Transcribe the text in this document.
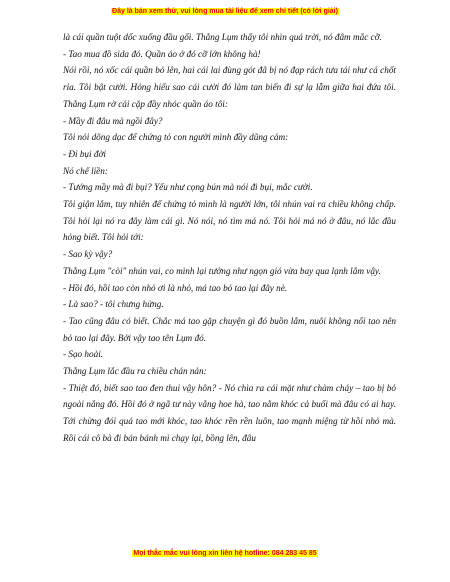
Đây là bản xem thử, vui lòng mua tài liệu để xem chi tiết (có lời giải)

là cái quần tuột dốc xuống đầu gối. Thằng Lụm thấy tôi nhìn quá trời, nó đâm mắc cỡ.

- Tao mua đồ sida đó. Quần áo ở đó cỡ lớn không hà!

Nói rồi, nó xốc cái quần bỏ lên, hai cái lai đùng gót đã bị nó đạp rách tưa tái như cá chốt rỉa. Tôi bật cười. Hỏng hiểu sao cái cười đó làm tan biến đi sự lạ lẫm giữa hai đứa tôi. Thằng Lụm rờ cái cặp đầy nhóc quần áo tôi:

- Mầy đi đâu mà ngồi đây?

Tôi nói dõng dạc để chứng tỏ con người mình đầy dũng cảm:

- Đi bụi đời

Nó chế liền:

- Tướng mầy mà đi bụi? Yếu như cọng bún mà nói đi bụi, mắc cười.

Tôi giận lắm, tuy nhiên để chứng tỏ mình là người lớn, tôi nhún vai ra chiều không chấp. Tôi hỏi lại nó ra đây làm cái gì. Nó nói, nó tìm má nó. Tôi hỏi má nó ở đâu, nó lắc đầu hỏng biết. Tôi hỏi tới:

- Sao kỳ vậy?

Thằng Lụm "còi" nhún vai, co mình lại tưởng như ngọn gió vừa bay qua lạnh lắm vậy.

- Hồi đó, hồi tao còn nhỏ ơi là nhỏ, má tao bỏ tao lại đây nè.

- Là sao? - tôi chưng hửng.

- Tao cũng đâu có biết. Chắc má tao gặp chuyện gì đó buồn lắm, nuôi không nổi tao nên bỏ tao lại đây. Bởi vậy tao tên Lụm đó.

- Sạo hoài.

Thằng Lụm lắc đầu ra chiều chán nản:

- Thiệt đó, biết sao tao đen thui vậy hôn? - Nó chìa ra cái mặt như chàm cháy – tao bị bỏ ngoài nắng đó. Hồi đó ở ngã tư này vắng hoe hà, tao nằm khóc cả buổi mà đâu có ai hay. Tới chừng đói quá tao mới khóc, tao khóc rền rền luôn, tao mạnh miệng từ hồi nhỏ mà. Rồi cái cô bà đi bán bánh mì chạy lại, bồng lên, đâu

Mọi thắc mắc vui lòng xin liên hệ hotline: 084 283 45 85
